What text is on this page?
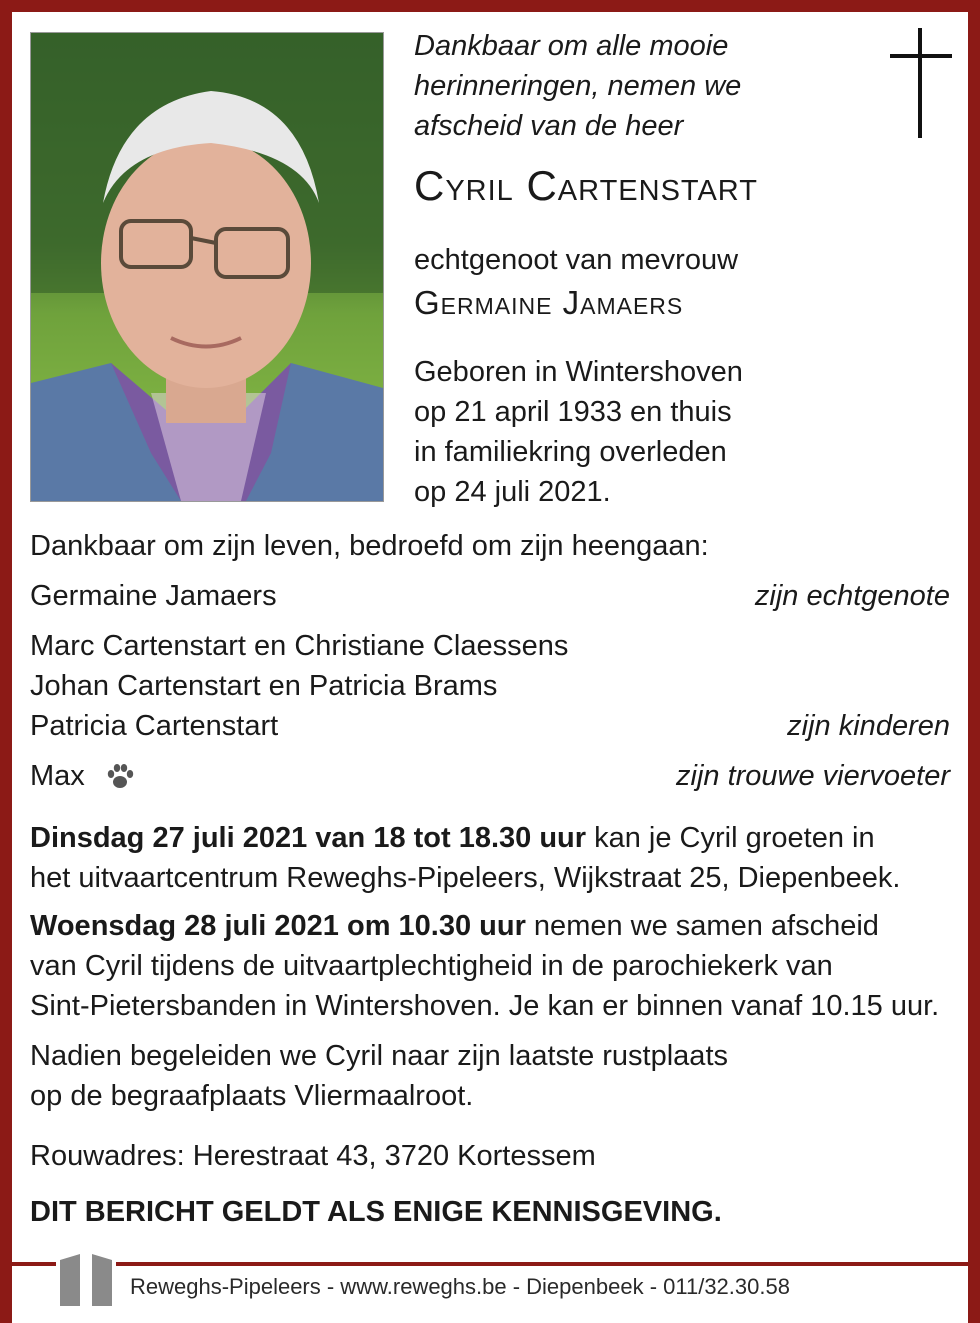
Dankbaar om alle mooie
herinneringen, nemen we
afscheid van de heer
Cyril Cartenstart
echtgenoot van mevrouw
Germaine Jamaers
Geboren in Wintershoven
op 21 april 1933 en thuis
in familiekring overleden
op 24 juli 2021.
Dankbaar om zijn leven, bedroefd om zijn heengaan:
Germaine Jamaers	zijn echtgenote
Marc Cartenstart en Christiane Claessens
Johan Cartenstart en Patricia Brams
Patricia Cartenstart	zijn kinderen
Max	zijn trouwe viervoeter
Dinsdag 27 juli 2021 van 18 tot 18.30 uur kan je Cyril groeten in
het uitvaartcentrum Reweghs-Pipeleers, Wijkstraat 25, Diepenbeek.
Woensdag 28 juli 2021 om 10.30 uur nemen we samen afscheid
van Cyril tijdens de uitvaartplechtigheid in de parochiekerk van
Sint-Pietersbanden in Wintershoven. Je kan er binnen vanaf 10.15 uur.
Nadien begeleiden we Cyril naar zijn laatste rustplaats
op de begraafplaats Vliermaalroot.
Rouwadres: Herestraat 43, 3720 Kortessem
DIT BERICHT GELDT ALS ENIGE KENNISGEVING.
Reweghs-Pipeleers - www.reweghs.be - Diepenbeek - 011/32.30.58
